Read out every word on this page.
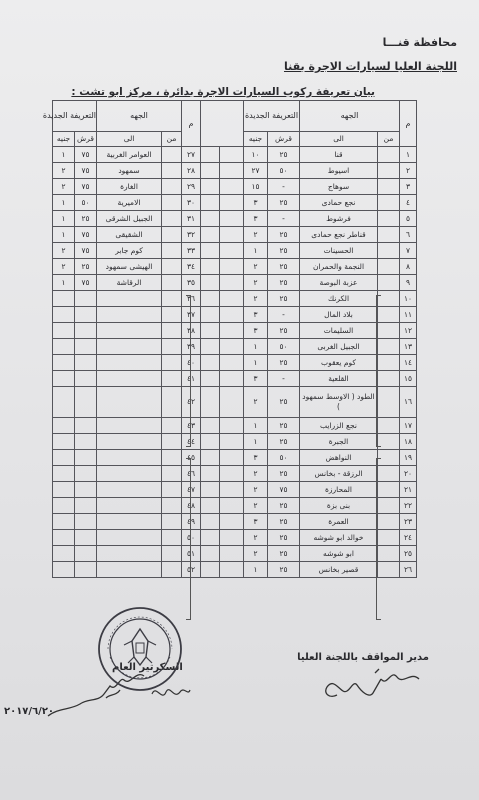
محافظة قنـــا
اللجنة العليا لسيارات الاجرة بقنا
بيان تعريفة ركوب السيارات الاجرة بدائرة ، مركز ابو تشت :
م	الجهه		التعريفة الجديدة			
	من	الى	قرش	جنيه		
١		قنا	٢٥	١٠		
٢		اسيوط	٥٠	٢٧		
٣		سوهاج	-	١٥		
٤		نجع حمادى	٢٥	٣		
٥		فرشوط	-	٣		
٦		قناطر نجع حمادى	٢٥	٢		
٧		الحسينات	٢٥	١		
٨		النجمة والحمران	٢٥	٢		
٩		عزبة البوصة	٢٥	٢		
١٠		الكرنك	٢٥	٢		
١١		بلاد المال	-	٣		
١٢		السليمات	٢٥	٣		
١٣		الجبيل الغربى	٥٠	١		
١٤		كوم يعقوب	٢٥	١		
١٥		القلعية	-	٣		
١٦		الطود ( الاوسط سمهود )	٢٥	٢		
١٧		نجع الزرايب	٢٥	١		
١٨		الجبرة	٢٥	١		
١٩		النواهض	٥٠	٣		
٢٠		الرزقة - بخانس	٢٥	٢		
٢١		المحارزة	٧٥	٢		
٢٢		بنى بزة	٢٥	٢		
٢٣		العمرة	٢٥	٣		
٢٤		خوالد ابو شوشه	٢٥	٢		
٢٥		ابو شوشه	٢٥	٢		
٢٦		قصير بخانس	٢٥	١		
م	الجهه		التعريفة الجديدة	
	من	الى	قرش	جنيه
٢٧		العوامر الغربية	٧٥	١
٢٨		سمهود	٧٥	٢
٢٩		الغارة	٧٥	٢
٣٠		الاميرية	٥٠	١
٣١		الجبيل الشرقى	٢٥	١
٣٢		الشقيقى	٧٥	١
٣٣		كوم جابر	٧٥	٢
٣٤		الهيشى سمهود	٢٥	٢
٣٥		الرقاشة	٧٥	١
٣٦				
٣٧				
٣٨				
٣٩				
٤٠				
٤١				
٤٢				
٤٣				
٤٤				
٤٥				
٤٦				
٤٧				
٤٨				
٤٩				
٥٠				
٥١				
٥٢				
مدير المواقف باللجنة العليا
السكرتير العام
٢٠١٧/٦/٢٠
